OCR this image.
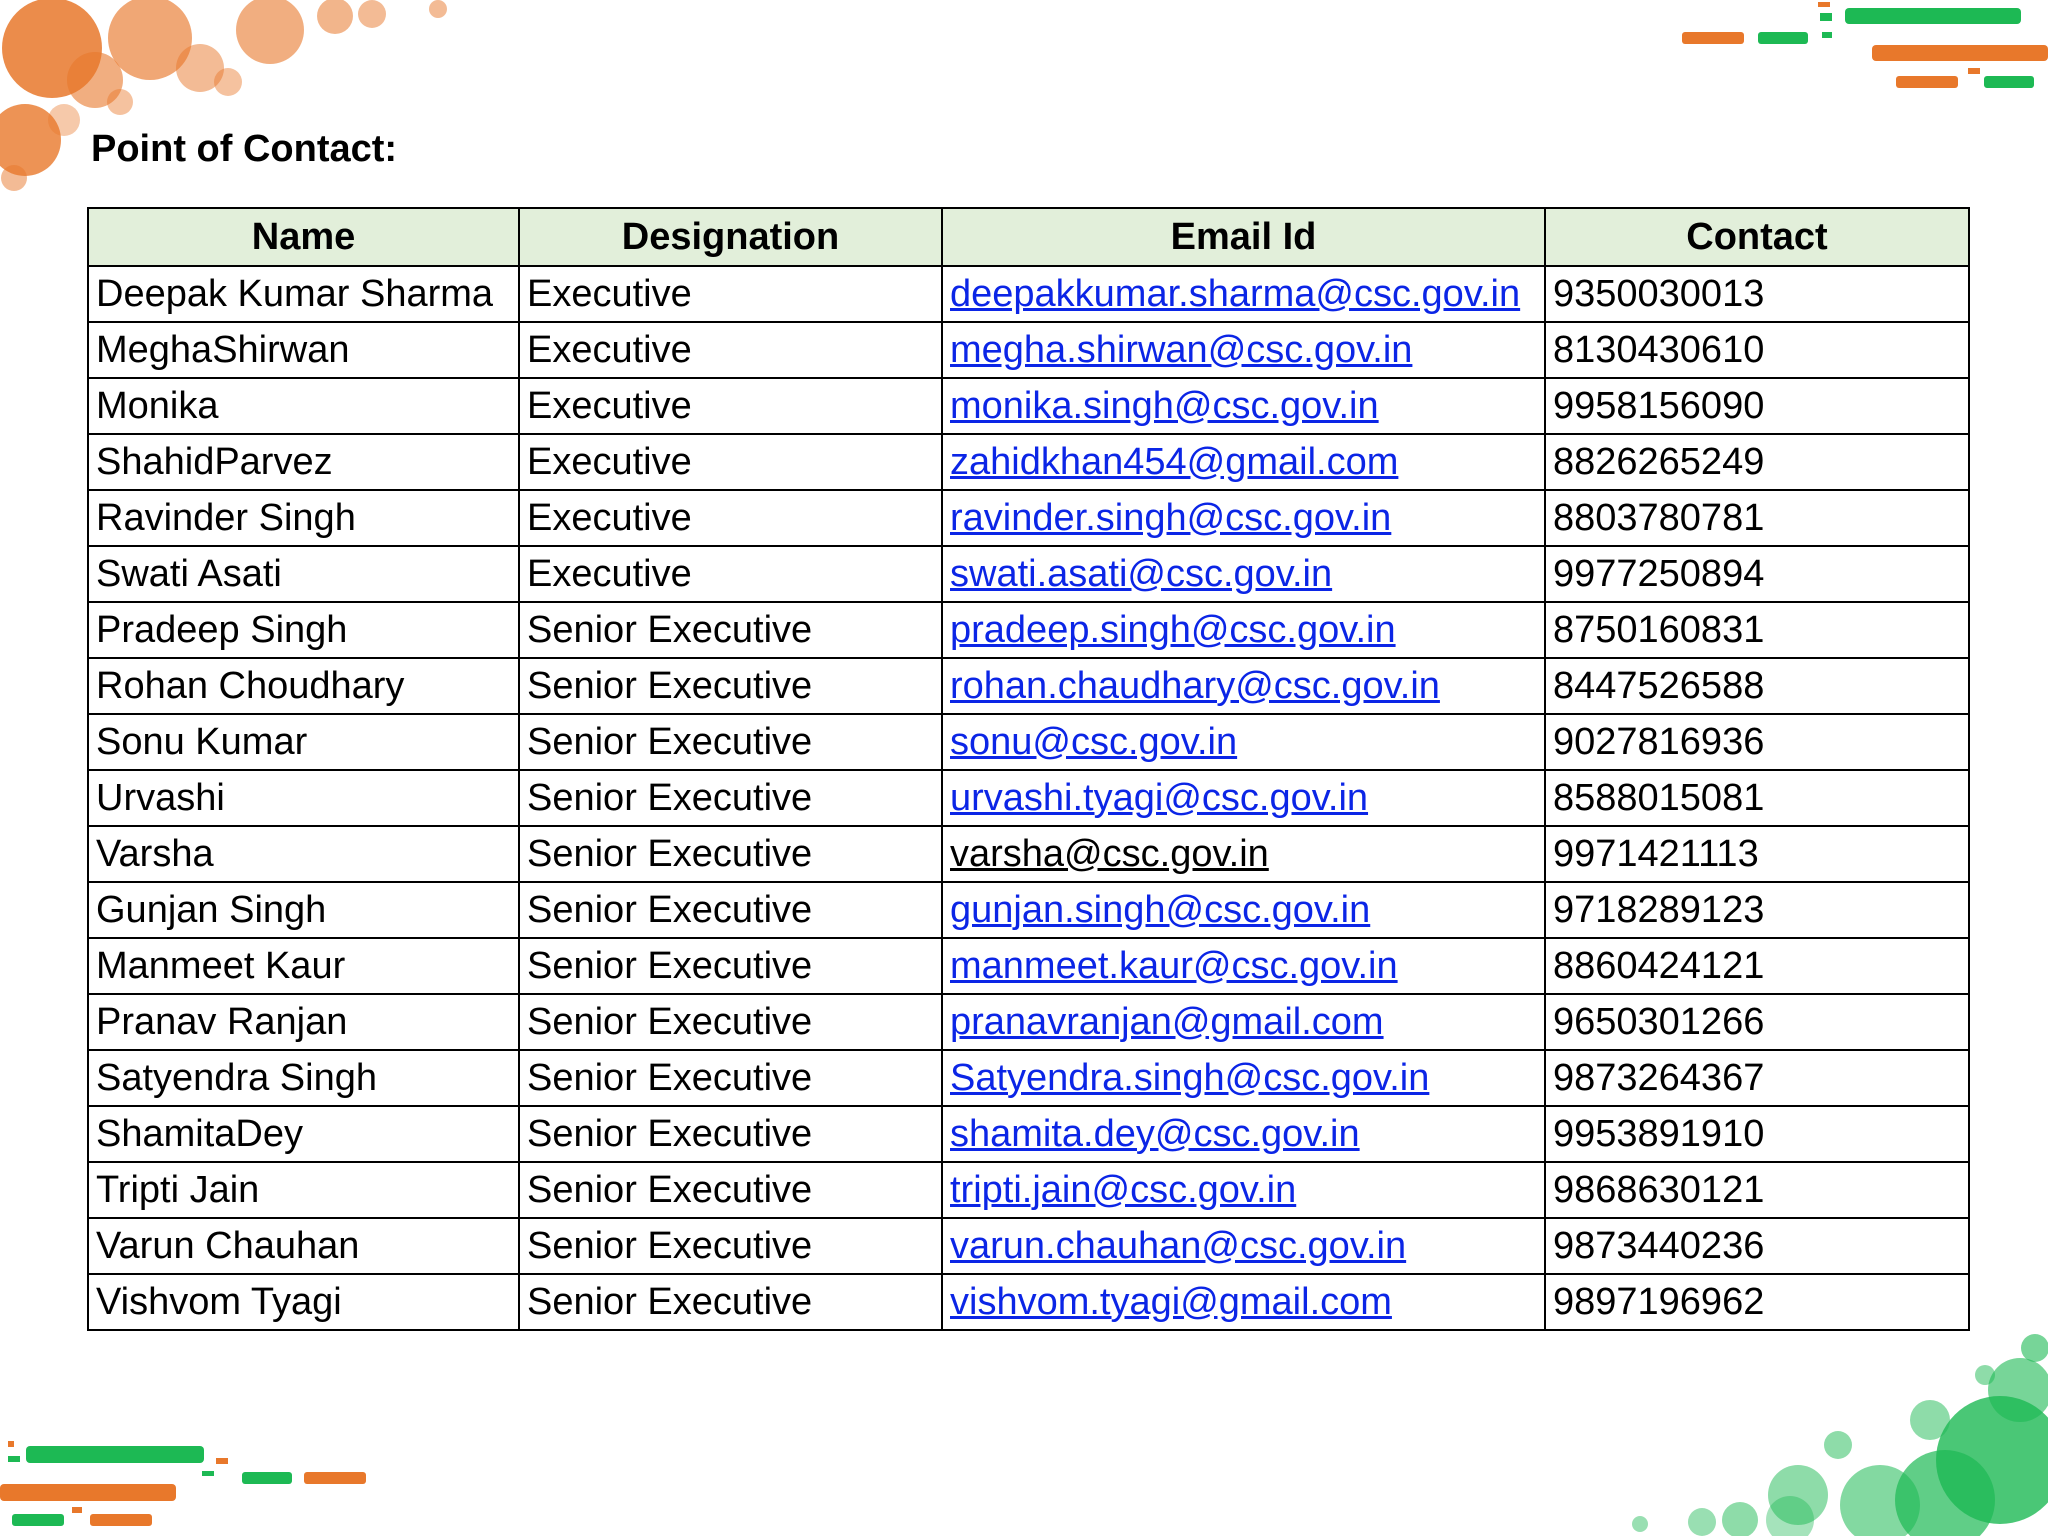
Point of Contact:
Name	Designation	Email Id	Contact
Deepak Kumar Sharma	Executive	deepakkumar.sharma@csc.gov.in	9350030013
MeghaShirwan	Executive	megha.shirwan@csc.gov.in	8130430610
Monika	Executive	monika.singh@csc.gov.in	9958156090
ShahidParvez	Executive	zahidkhan454@gmail.com	8826265249
Ravinder Singh	Executive	ravinder.singh@csc.gov.in	8803780781
Swati Asati	Executive	swati.asati@csc.gov.in	9977250894
Pradeep Singh	Senior Executive	pradeep.singh@csc.gov.in	8750160831
Rohan Choudhary	Senior Executive	rohan.chaudhary@csc.gov.in	8447526588
Sonu Kumar	Senior Executive	sonu@csc.gov.in	9027816936
Urvashi	Senior Executive	urvashi.tyagi@csc.gov.in	8588015081
Varsha	Senior Executive	varsha@csc.gov.in	9971421113
Gunjan Singh	Senior Executive	gunjan.singh@csc.gov.in	9718289123
Manmeet Kaur	Senior Executive	manmeet.kaur@csc.gov.in	8860424121
Pranav Ranjan	Senior Executive	pranavranjan@gmail.com	9650301266
Satyendra Singh	Senior Executive	Satyendra.singh@csc.gov.in	9873264367
ShamitaDey	Senior Executive	shamita.dey@csc.gov.in	9953891910
Tripti Jain	Senior Executive	tripti.jain@csc.gov.in	9868630121
Varun Chauhan	Senior Executive	varun.chauhan@csc.gov.in	9873440236
Vishvom Tyagi	Senior Executive	vishvom.tyagi@gmail.com	9897196962
